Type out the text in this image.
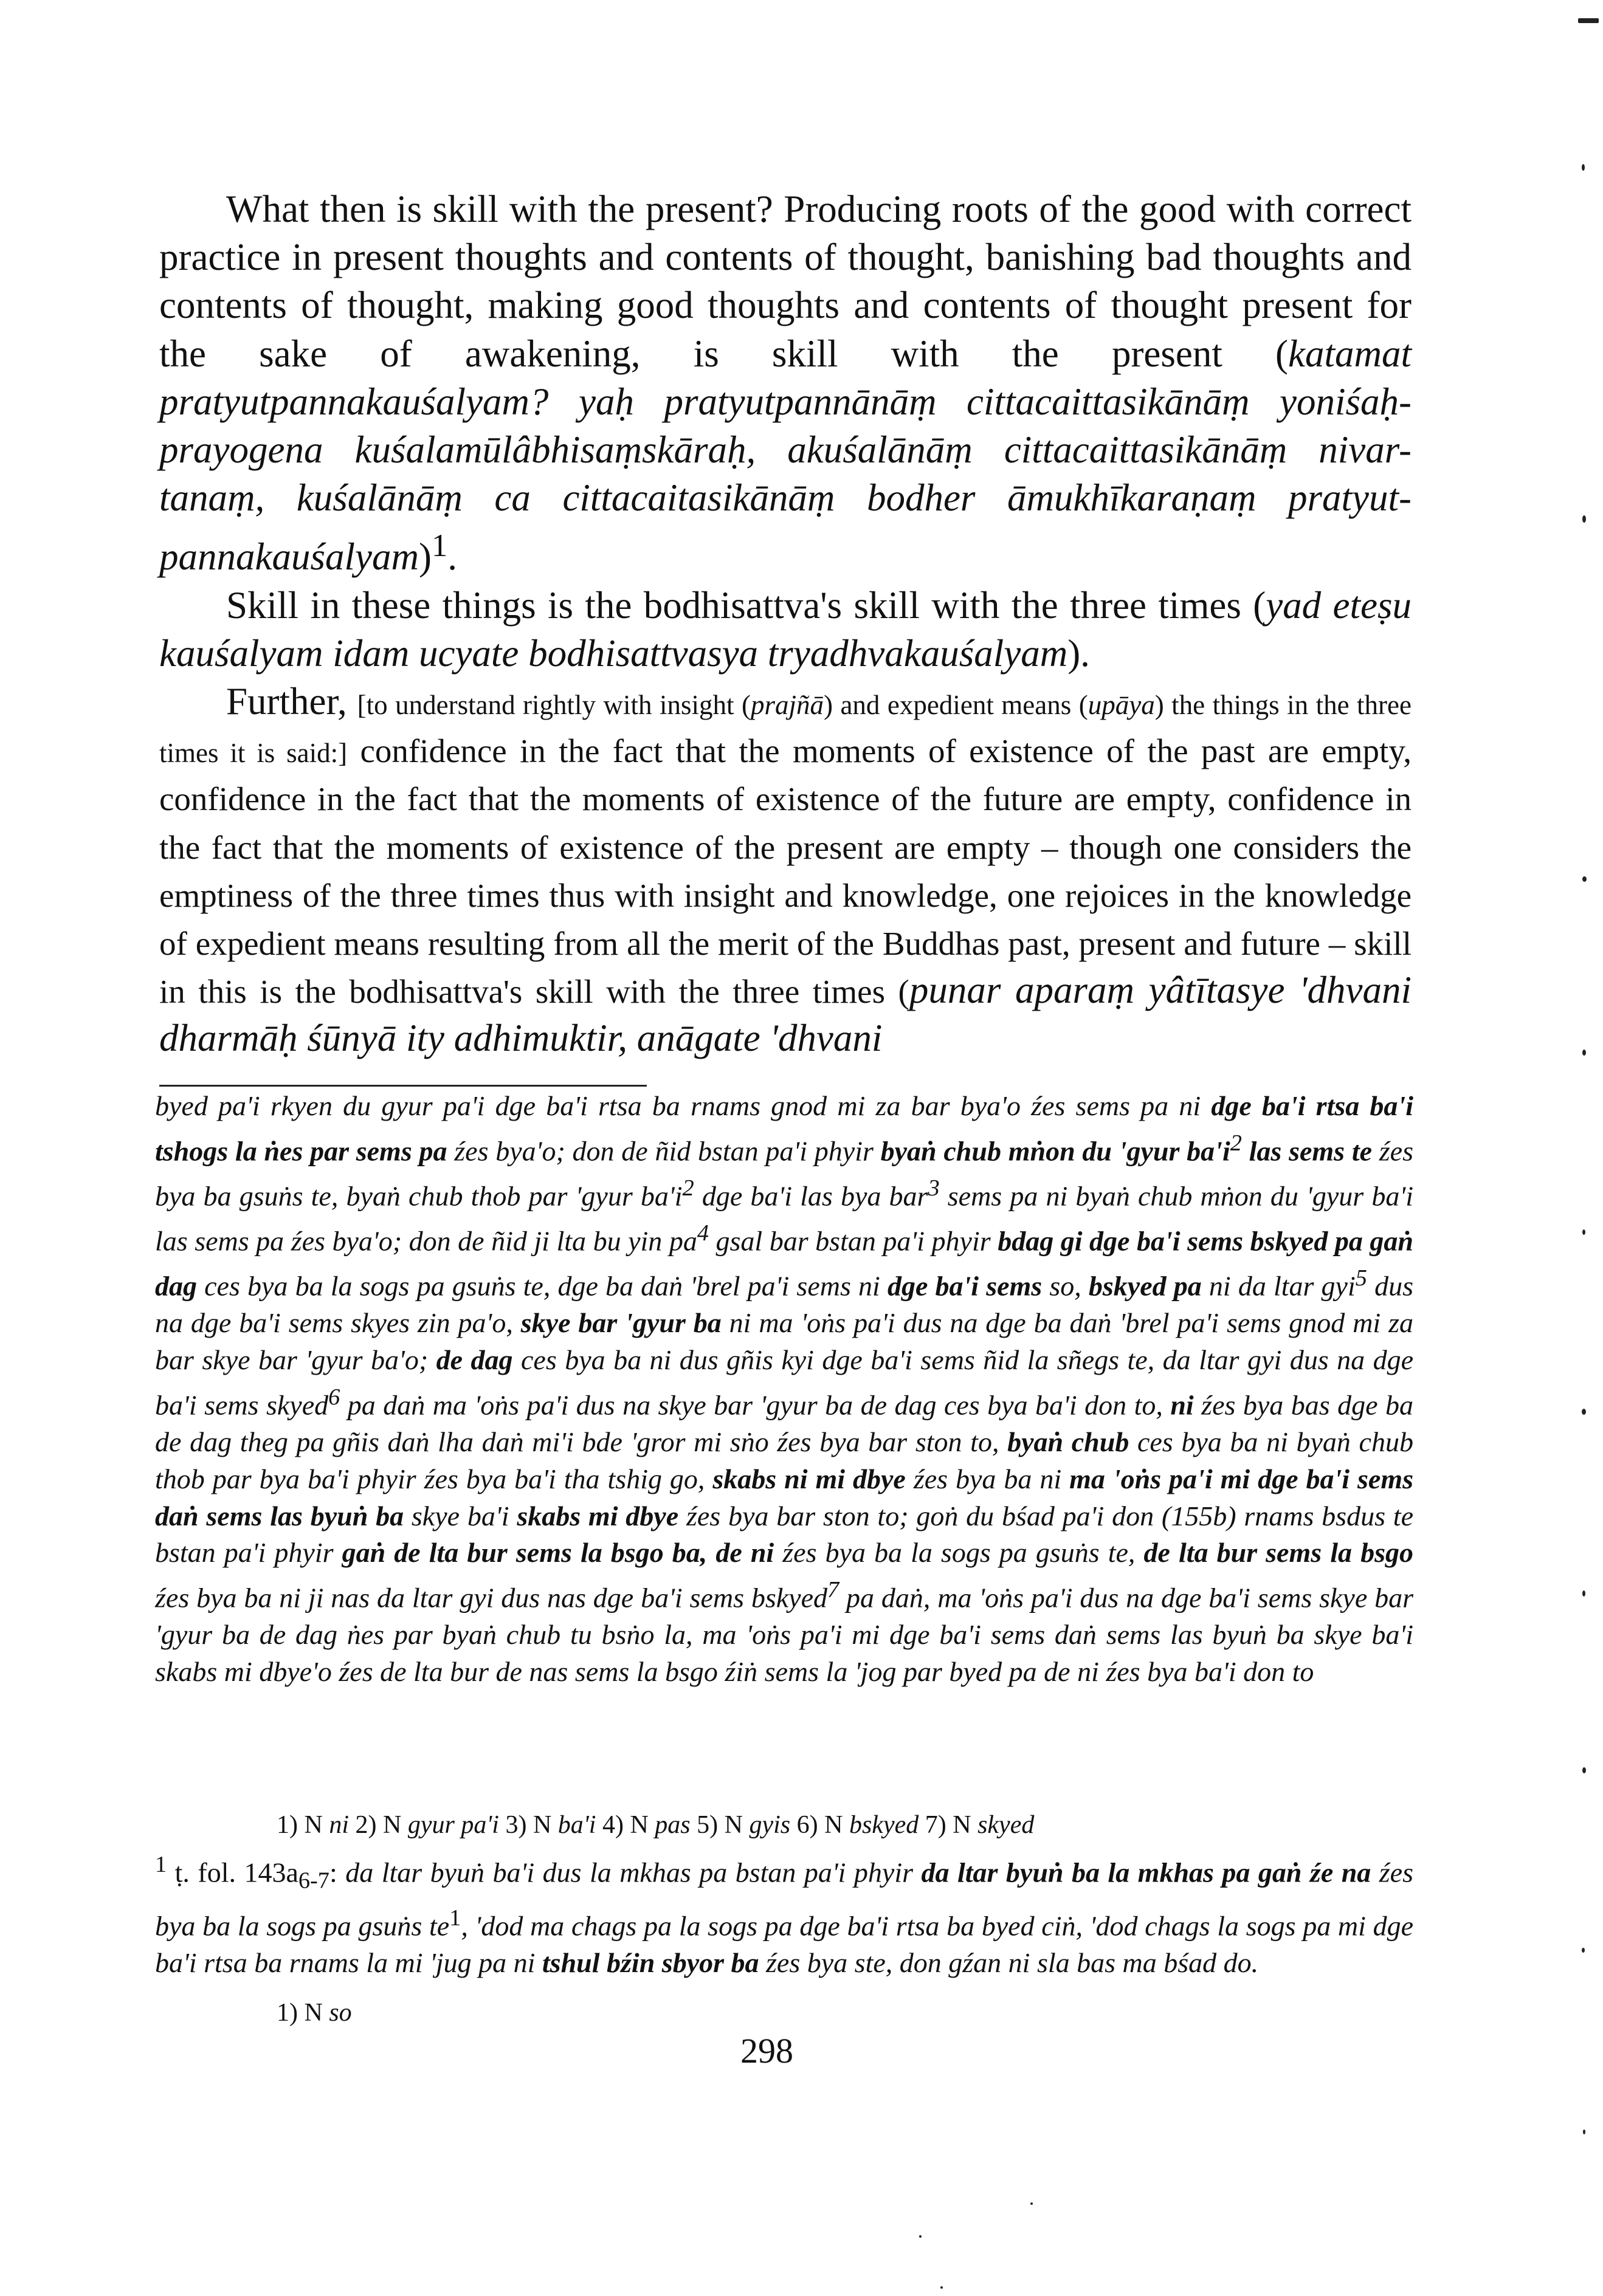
What then is skill with the present? Producing roots of the good with correct practice in present thoughts and contents of thought, banishing bad thoughts and contents of thought, making good thoughts and contents of thought present for the sake of awakening, is skill with the present (katamat pratyutpannakauśalyam? yaḥ pratyutpannānāṃ cittacaittasikānāṃ yoniśaḥ-prayogena kuśalamūlâbhisaṃskāraḥ, akuśalānāṃ cittacaittasikānāṃ nivar-tanaṃ, kuśalānāṃ ca cittacaitasikānāṃ bodher āmukhīkaraṇaṃ pratyut-pannakauśalyam)$^1$.

Skill in these things is the bodhisattva's skill with the three times (yad eteṣu kauśalyam idam ucyate bodhisattvasya tryadhvakauśalyam).

Further, [to understand rightly with insight (prajñā) and expedient means (upāya) the things in the three times it is said:] confidence in the fact that the moments of existence of the past are empty, confidence in the fact that the moments of existence of the future are empty, confidence in the fact that the moments of existence of the present are empty – though one considers the emptiness of the three times thus with insight and knowledge, one rejoices in the knowledge of expedient means resulting from all the merit of the Buddhas past, present and future – skill in this is the bodhisattva's skill with the three times (punar aparaṃ yâtītasye 'dhvani dharmāḥ śūnyā ity adhimuktir, anāgate 'dhvani

byed pa'i rkyen du gyur pa'i dge ba'i rtsa ba rnams gnod mi za bar bya'o źes sems pa ni dge ba'i rtsa ba'i tshogs la ṅes par sems pa źes bya'o; don de ñid bstan pa'i phyir byaṅ chub mṅon du 'gyur $ba'i^2$ las sems te źes bya ba gsuṅs te, byaṅ chub thob par 'gyur $ba'i^2$ dge ba'i las bya bar$^3$ sems pa ni byaṅ chub mṅon du 'gyur ba'i las sems pa źes bya'o; don de ñid ji lta bu yin $pa^4$ gsal bar bstan pa'i phyir bdag gi dge ba'i sems bskyed pa gaṅ dag ces bya ba la sogs pa gsuṅs te, dge ba daṅ 'brel pa'i sems ni dge ba'i sems so, bskyed pa ni da ltar gyi$^5$ dus na dge ba'i sems skyes zin pa'o, skye bar 'gyur ba ni ma 'oṅs pa'i dus na dge ba daṅ 'brel pa'i sems gnod mi za bar skye bar 'gyur ba'o; de dag ces bya ba ni dus gñis kyi dge ba'i sems ñid la sñegs te, da ltar gyi dus na dge ba'i sems skyed$^6$ pa daṅ ma 'oṅs pa'i dus na skye bar 'gyur ba de dag ces bya ba'i don to, ni źes bya bas dge ba de dag theg pa gñis daṅ lha daṅ mi'i bde 'gror mi sṅo źes bya bar ston to, byaṅ chub ces bya ba ni byaṅ chub thob par bya ba'i phyir źes bya ba'i tha tshig go, skabs ni mi dbye źes bya ba ni ma 'oṅs pa'i mi dge ba'i sems daṅ sems las byuṅ ba skye ba'i skabs mi dbye źes bya bar ston to; goṅ du bśad pa'i don (155b) rnams bsdus te bstan pa'i phyir gaṅ de lta bur sems la bsgo ba, de ni źes bya ba la sogs pa gsuṅs te, de lta bur sems la bsgo źes bya ba ni ji nas da ltar gyi dus nas dge ba'i sems bskyed$^7$ pa daṅ, ma 'oṅs pa'i dus na dge ba'i sems skye bar 'gyur ba de dag ṅes par byaṅ chub tu bsṅo la, ma 'oṅs pa'i mi dge ba'i sems daṅ sems las byuṅ ba skye ba'i skabs mi dbye'o źes de lta bur de nas sems la bsgo źiṅ sems la 'jog par byed pa de ni źes bya ba'i don to

1) N ni 2) N gyur pa'i 3) N ba'i 4) N pas 5) N gyis 6) N bskyed 7) N skyed

$^1$ ṭ. fol. $143a_{6-7}$: da ltar byuṅ ba'i dus la mkhas pa bstan pa'i phyir da ltar byuṅ ba la mkhas pa gaṅ źe na źes bya ba la sogs pa gsuṅs $te^1$, 'dod ma chags pa la sogs pa dge ba'i rtsa ba byed ciṅ, 'dod chags la sogs pa mi dge ba'i rtsa ba rnams la mi 'jug pa ni tshul bźin sbyor ba źes bya ste, don gźan ni sla bas ma bśad do.

1) N so
298
